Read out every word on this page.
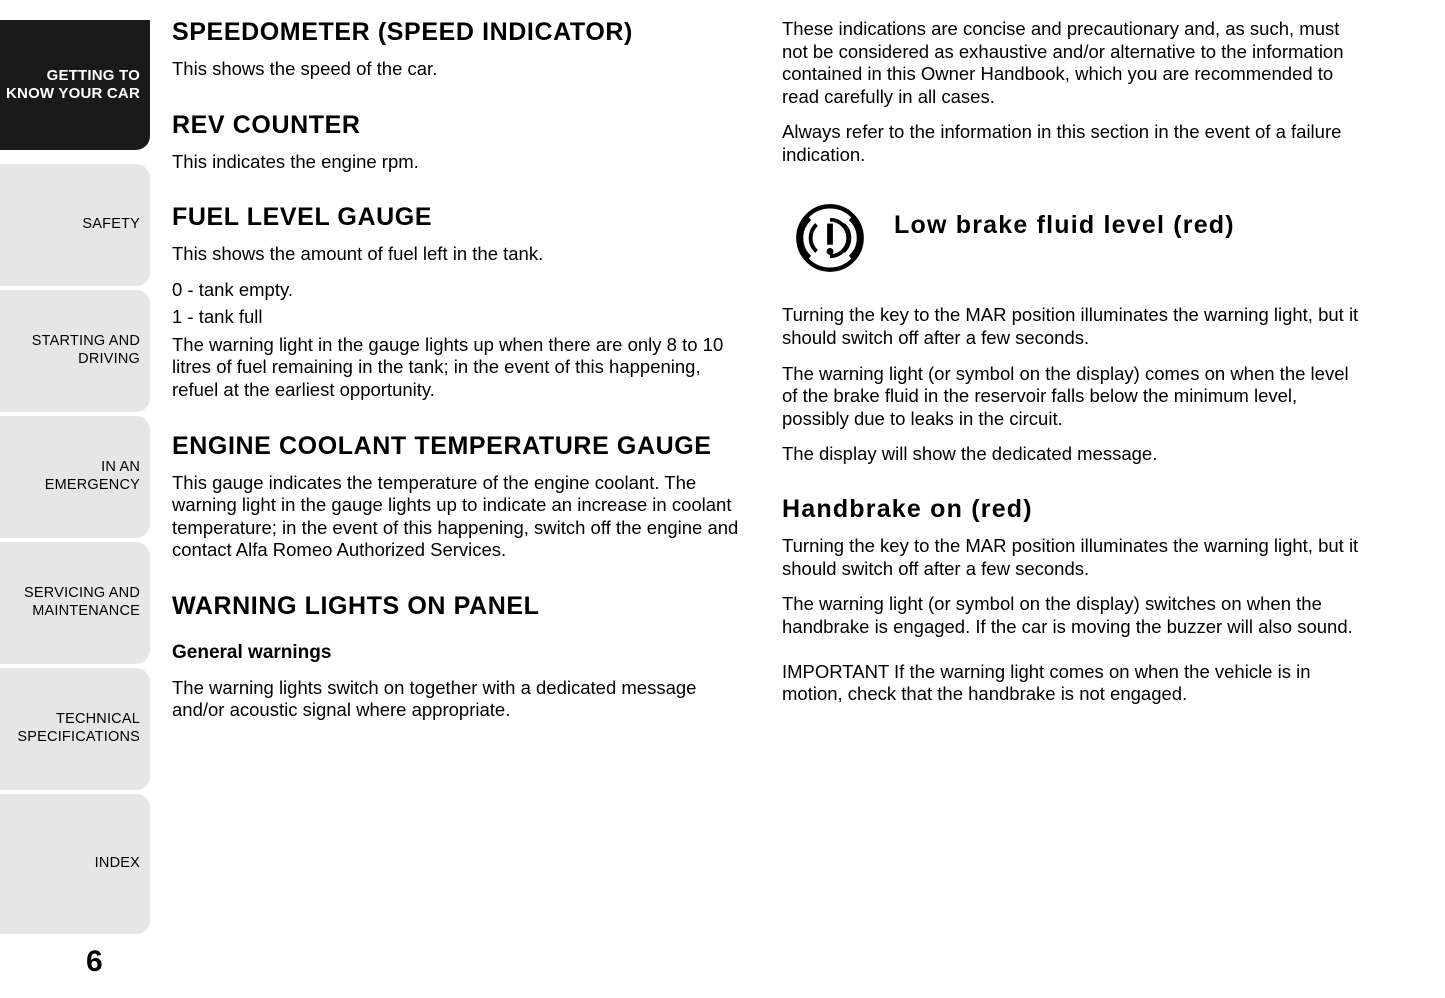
GETTING TO
KNOW YOUR CAR
SAFETY
STARTING AND
DRIVING
IN AN EMERGENCY
SERVICING AND
MAINTENANCE
TECHNICAL
SPECIFICATIONS
INDEX
6
SPEEDOMETER (SPEED INDICATOR)

This shows the speed of the car.

REV COUNTER

This indicates the engine rpm.

FUEL LEVEL GAUGE

This shows the amount of fuel left in the tank.

0 - tank empty.

1 - tank full

The warning light in the gauge lights up when there are only 8 to 10 litres of fuel remaining in the tank; in the event of this happening, refuel at the earliest opportunity.

ENGINE COOLANT TEMPERATURE GAUGE

This gauge indicates the temperature of the engine coolant. The warning light in the gauge lights up to indicate an increase in coolant temperature; in the event of this happening, switch off the engine and contact Alfa Romeo Authorized Services.

WARNING LIGHTS ON PANEL
General warnings

The warning lights switch on together with a dedicated message and/or acoustic signal where appropriate.

These indications are concise and precautionary and, as such, must not be considered as exhaustive and/or alternative to the information contained in this Owner Handbook, which you are recommended to read carefully in all cases.

Always refer to the information in this section in the event of a failure indication.

Low brake fluid level (red)

Turning the key to the MAR position illuminates the warning light, but it should switch off after a few seconds.

The warning light (or symbol on the display) comes on when the level of the brake fluid in the reservoir falls below the minimum level, possibly due to leaks in the circuit.

The display will show the dedicated message.

Handbrake on (red)

Turning the key to the MAR position illuminates the warning light, but it should switch off after a few seconds.

The warning light (or symbol on the display) switches on when the handbrake is engaged. If the car is moving the buzzer will also sound.

IMPORTANT If the warning light comes on when the vehicle is in motion, check that the handbrake is not engaged.
